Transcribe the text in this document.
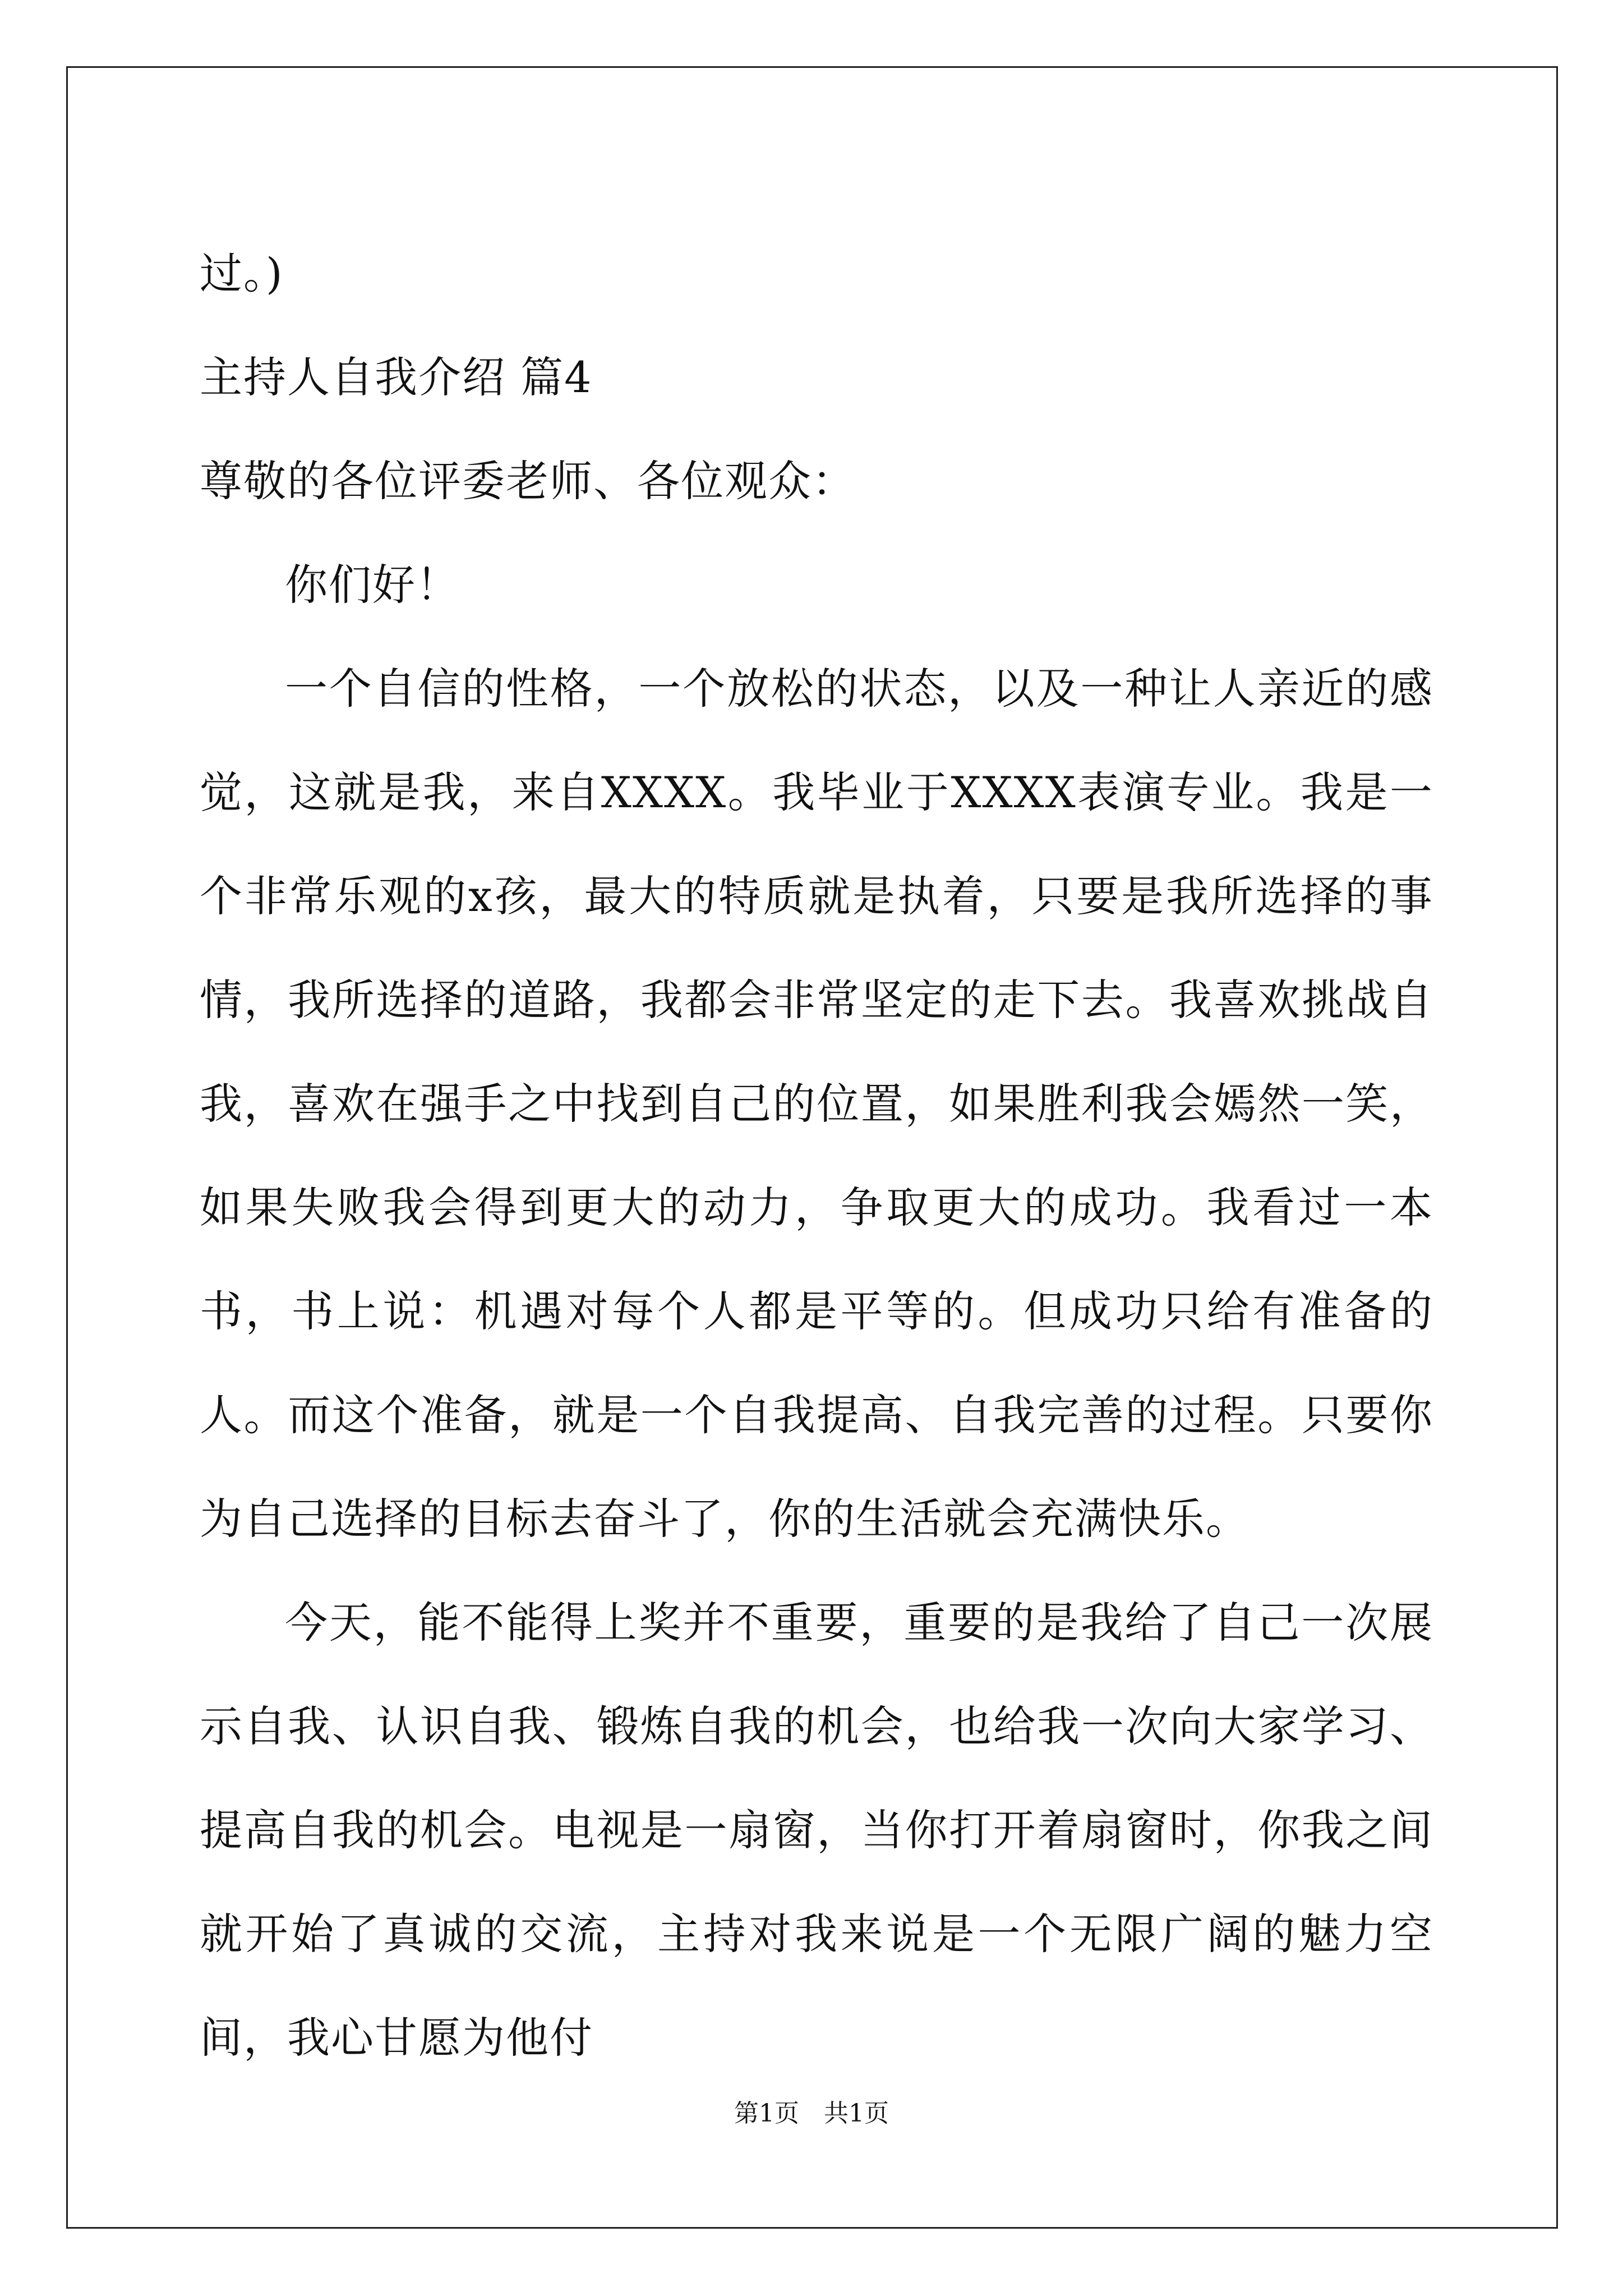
过。)

主持人自我介绍 篇4

尊敬的各位评委老师、各位观众：

你们好！

一个自信的性格，一个放松的状态，以及一种让人亲近的感觉，这就是我，来自XXXX。我毕业于XXXX表演专业。我是一个非常乐观的x孩，最大的特质就是执着，只要是我所选择的事情，我所选择的道路，我都会非常坚定的走下去。我喜欢挑战自我，喜欢在强手之中找到自己的位置，如果胜利我会嫣然一笑，如果失败我会得到更大的动力，争取更大的成功。我看过一本书，书上说：机遇对每个人都是平等的。但成功只给有准备的人。而这个准备，就是一个自我提高、自我完善的过程。只要你为自己选择的目标去奋斗了，你的生活就会充满快乐。

今天，能不能得上奖并不重要，重要的是我给了自己一次展示自我、认识自我、锻炼自我的机会，也给我一次向大家学习、提高自我的机会。电视是一扇窗，当你打开着扇窗时，你我之间就开始了真诚的交流，主持对我来说是一个无限广阔的魅力空间，我心甘愿为他付

第1页　共1页
